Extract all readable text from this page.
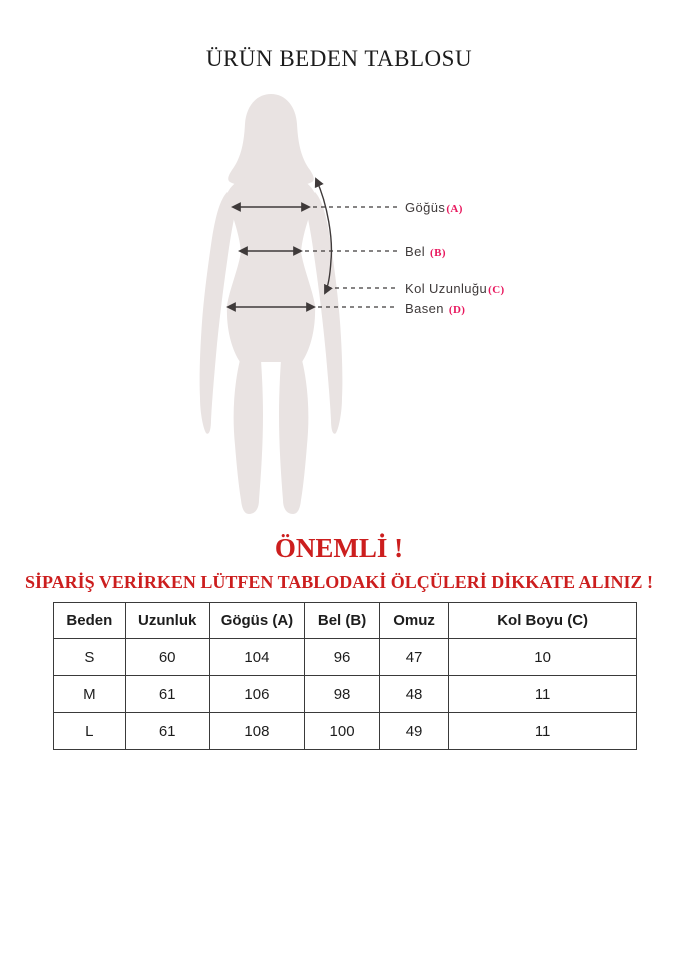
ÜRÜN BEDEN TABLOSU
Göğüs(A)
Bel (B)
Kol Uzunluğu(C)
Basen (D)
ÖNEMLİ !
SİPARİŞ VERİRKEN LÜTFEN TABLODAKİ ÖLÇÜLERİ DİKKATE ALINIZ !
Beden	Uzunluk	Gögüs (A)	Bel (B)	Omuz	Kol Boyu (C)
S	60	104	96	47	10
M	61	106	98	48	11
L	61	108	100	49	11
